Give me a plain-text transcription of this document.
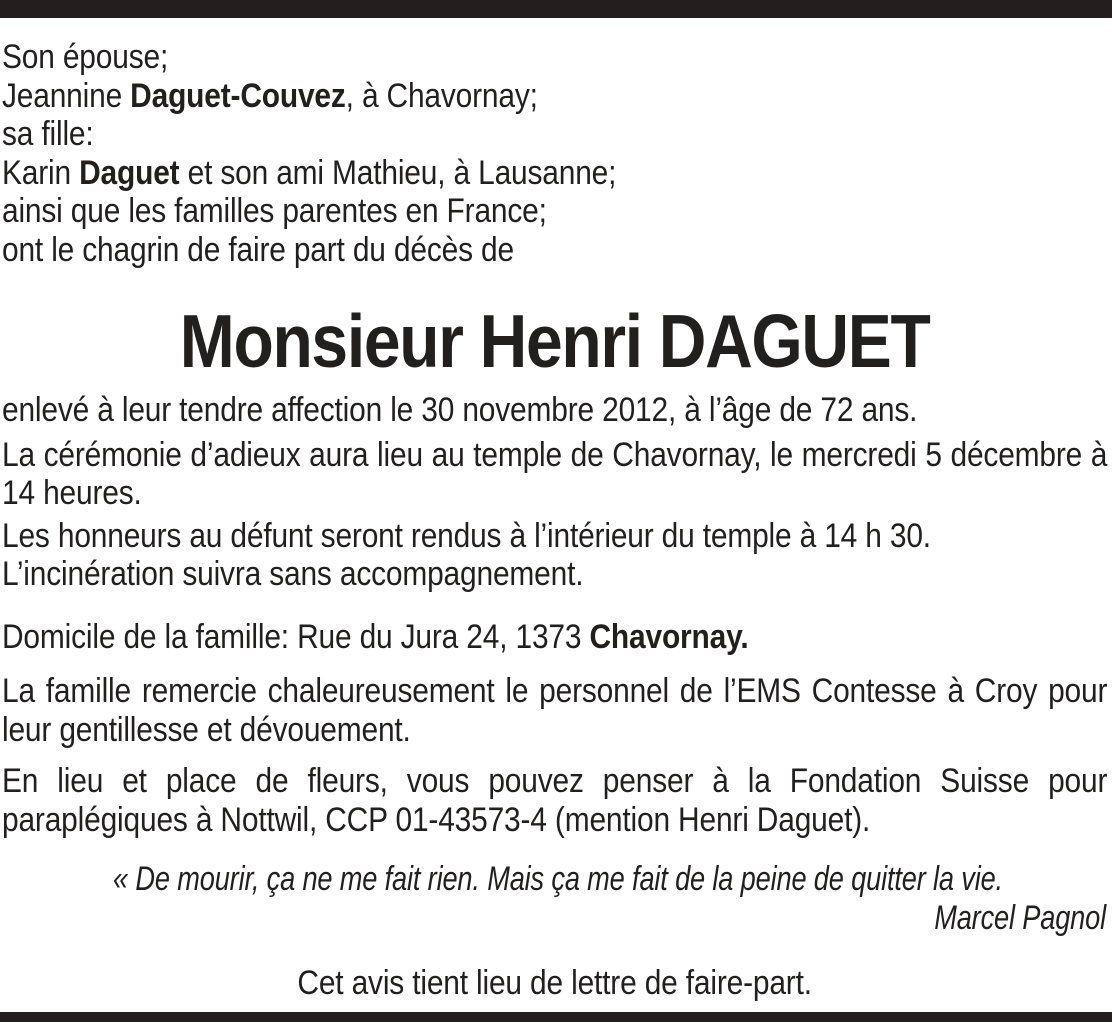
Son épouse;
Jeannine Daguet-Couvez, à Chavornay;
sa fille:
Karin Daguet et son ami Mathieu, à Lausanne;
ainsi que les familles parentes en France;
ont le chagrin de faire part du décès de
Monsieur Henri DAGUET
enlevé à leur tendre affection le 30 novembre 2012, à l’âge de 72 ans.
La cérémonie d’adieux aura lieu au temple de Chavornay, le mercredi 5 décembre à 14 heures.
Les honneurs au défunt seront rendus à l’intérieur du temple à 14 h 30.
L’incinération suivra sans accompagnement.
Domicile de la famille: Rue du Jura 24, 1373 Chavornay.
La famille remercie chaleureusement le personnel de l’EMS Contesse à Croy pour leur gentillesse et dévouement.
En lieu et place de fleurs, vous pouvez penser à la Fondation Suisse pour paraplégiques à Nottwil, CCP 01-43573-4 (mention Henri Daguet).
« De mourir, ça ne me fait rien. Mais ça me fait de la peine de quitter la vie.
Marcel Pagnol
Cet avis tient lieu de lettre de faire-part.
